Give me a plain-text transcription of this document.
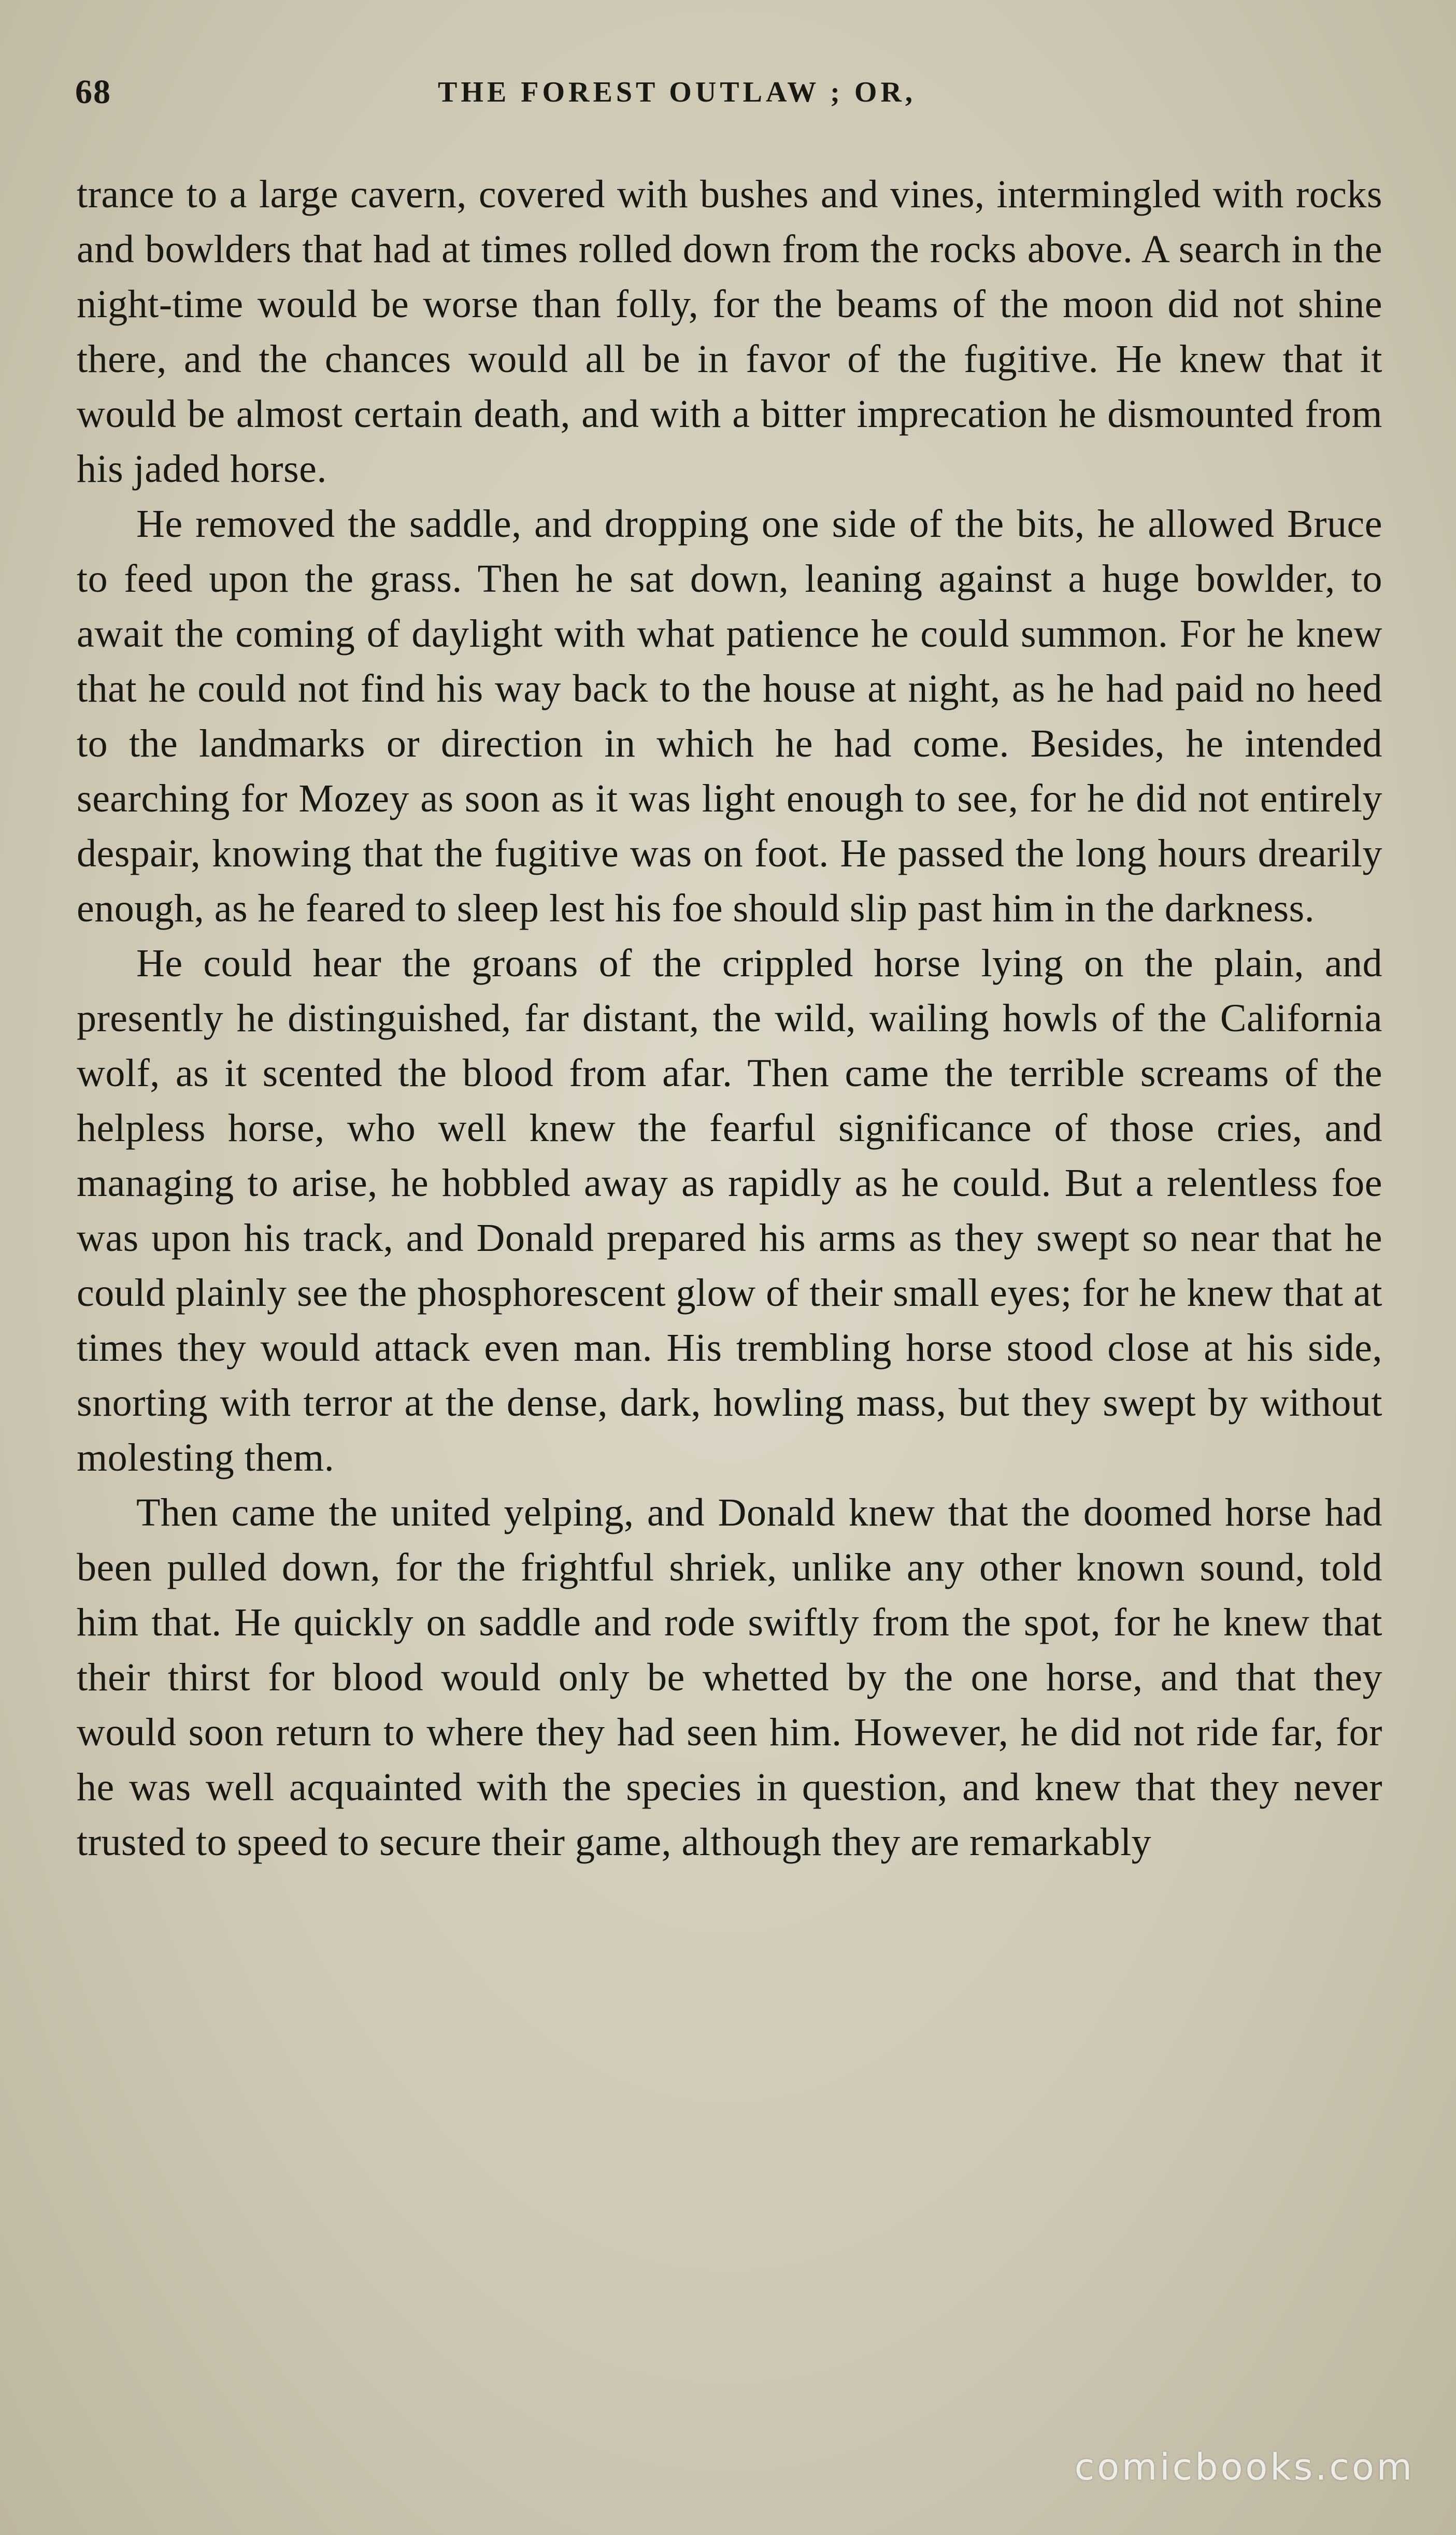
68	THE FOREST OUTLAW ; OR,

trance to a large cavern, covered with bushes and vines, intermingled with rocks and bowlders that had at times rolled down from the rocks above. A search in the night-time would be worse than folly, for the beams of the moon did not shine there, and the chances would all be in favor of the fugitive. He knew that it would be almost certain death, and with a bitter imprecation he dismounted from his jaded horse.

He removed the saddle, and dropping one side of the bits, he allowed Bruce to feed upon the grass. Then he sat down, leaning against a huge bowlder, to await the coming of daylight with what patience he could summon. For he knew that he could not find his way back to the house at night, as he had paid no heed to the landmarks or direction in which he had come. Besides, he intended searching for Mozey as soon as it was light enough to see, for he did not entirely despair, knowing that the fugitive was on foot. He passed the long hours drearily enough, as he feared to sleep lest his foe should slip past him in the darkness.

He could hear the groans of the crippled horse lying on the plain, and presently he distinguished, far distant, the wild, wailing howls of the California wolf, as it scented the blood from afar. Then came the terrible screams of the helpless horse, who well knew the fearful significance of those cries, and managing to arise, he hobbled away as rapidly as he could. But a relentless foe was upon his track, and Donald prepared his arms as they swept so near that he could plainly see the phosphorescent glow of their small eyes; for he knew that at times they would attack even man. His trembling horse stood close at his side, snorting with terror at the dense, dark, howling mass, but they swept by without molesting them.

Then came the united yelping, and Donald knew that the doomed horse had been pulled down, for the frightful shriek, unlike any other known sound, told him that. He quickly on saddle and rode swiftly from the spot, for he knew that their thirst for blood would only be whetted by the one horse, and that they would soon return to where they had seen him. However, he did not ride far, for he was well acquainted with the species in question, and knew that they never trusted to speed to secure their game, although they are remarkably

comicbooks.com
